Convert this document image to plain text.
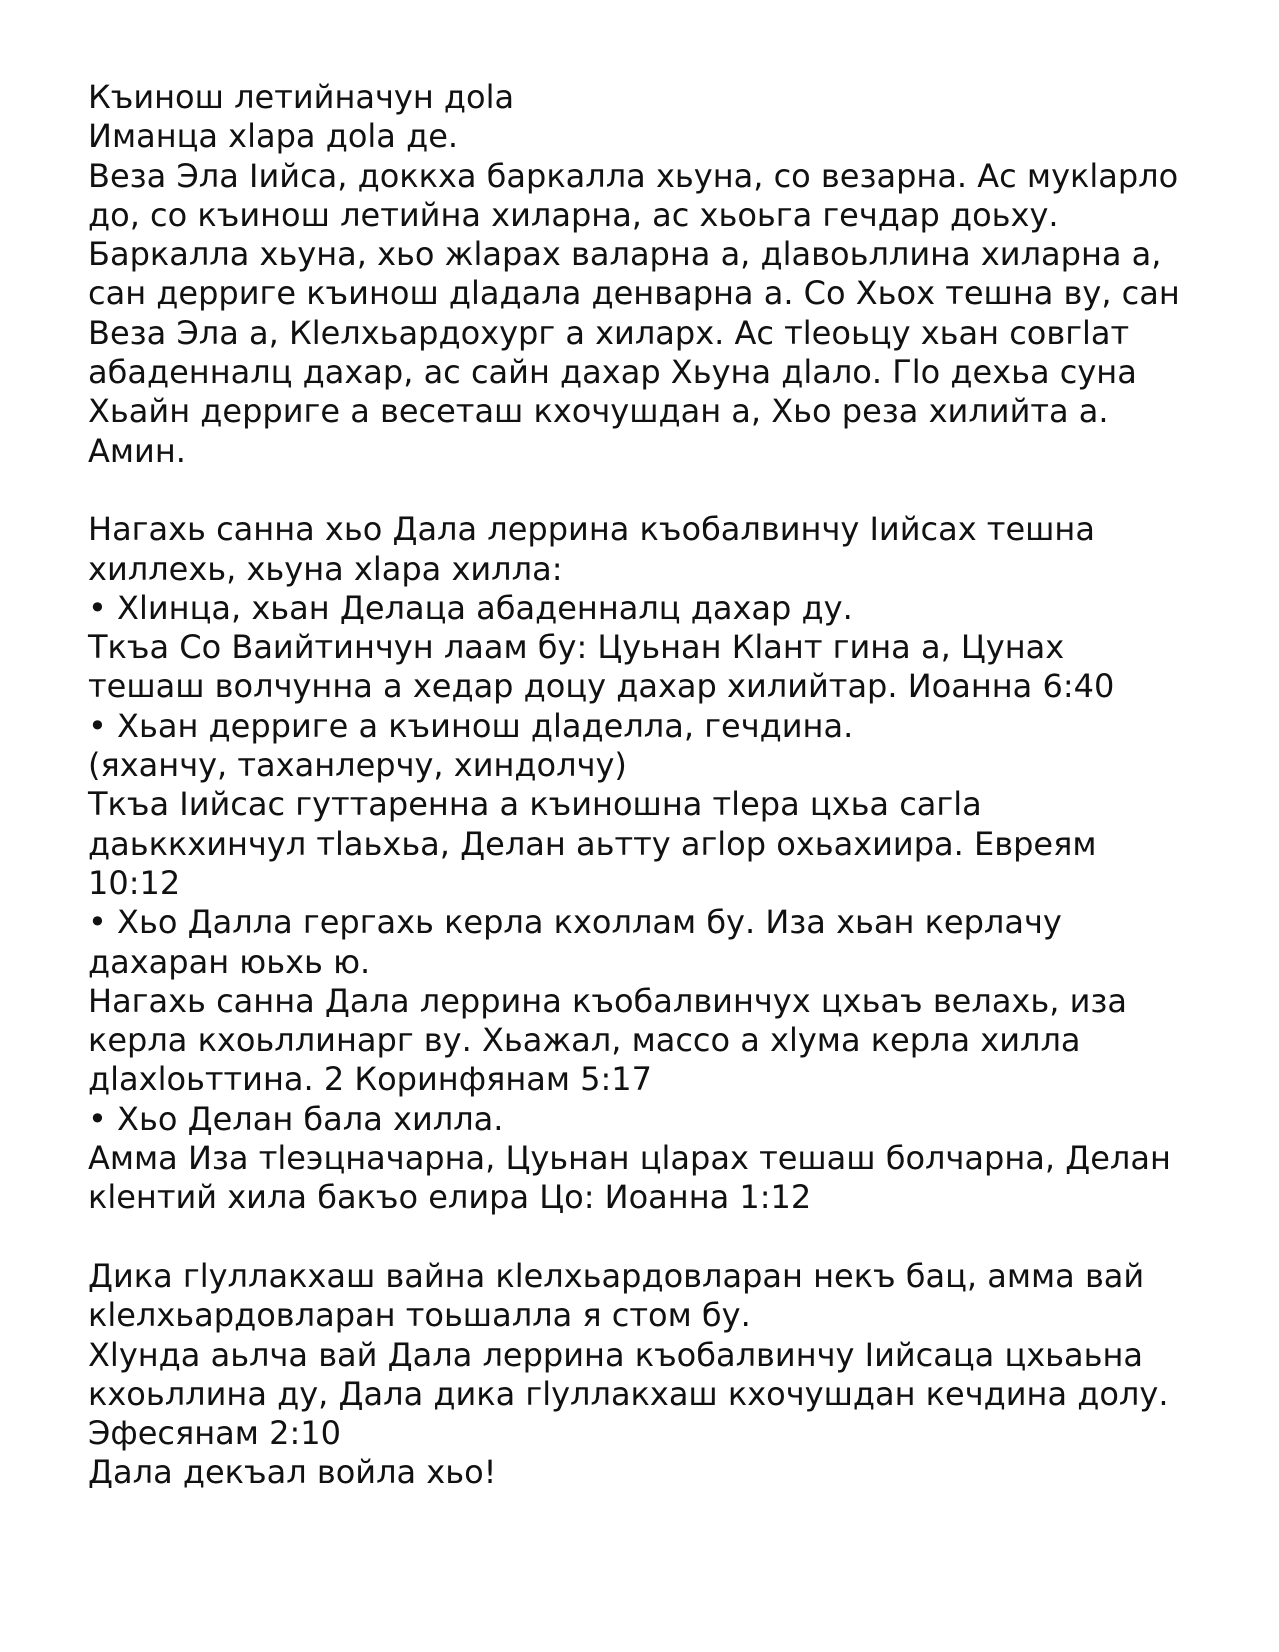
Къинош летийначун доlа
Иманца хlара доlа де.
Веза Эла Іийса, доккха баркалла хьуна, со везарна. Ас мукlарло
до, со къинош летийна хиларна, ас хьоьга гечдар доьху.
Баркалла хьуна, хьо жlарах валарна а, дlавоьллина хиларна а,
сан дерриге къинош дlадала денварна а. Со Хьох тешна ву, сан
Веза Эла а, Кlелхьардохург а хиларх. Ас тlеоьцу хьан совгlат
абаденналц дахар, ас сайн дахар Хьуна дlало. Гlо дехьа суна
Хьайн дерриге а весеташ кхочушдан а, Хьо реза хилийта а.
Амин.
Нагахь санна хьо Дала леррина къобалвинчу Іийсах тешна
хиллехь, хьуна хlара хилла:
• Хlинца, хьан Делаца абаденналц дахар ду.
Ткъа Со Ваийтинчун лаам бу: Цуьнан Кlант гина а, Цунах
тешаш волчунна а хедар доцу дахар хилийтар. Иоанна 6:40
• Хьан дерриге а къинош дlаделла, гечдина.
(яханчу, таханлерчу, хиндолчу)
Ткъа Іийсас гуттаренна а къиношна тlера цхьа сагlа
даьккхинчул тlаьхьа, Делан аьтту агlор охьахиира. Евреям
10:12
• Хьо Далла гергахь керла кхоллам бу. Иза хьан керлачу
дахаран юьхь ю.
Нагахь санна Дала леррина къобалвинчух цхьаъ велахь, иза
керла кхоьллинарг ву. Хьажал, массо а хlума керла хилла
дlахlоьттина. 2 Коринфянам 5:17
• Хьо Делан бала хилла.
Амма Иза тlеэцначарна, Цуьнан цlарах тешаш болчарна, Делан
кlентий хила бакъо елира Цо: Иоанна 1:12
Дика гlуллакхаш вайна кlелхьардовларан некъ бац, амма вай
кlелхьардовларан тоьшалла я стом бу.
Хlунда аьлча вай Дала леррина къобалвинчу Іийсаца цхьаьна
кхоьллина ду, Дала дика гlуллакхаш кхочушдан кечдина долу.
Эфесянам 2:10
Дала декъал войла хьо!
